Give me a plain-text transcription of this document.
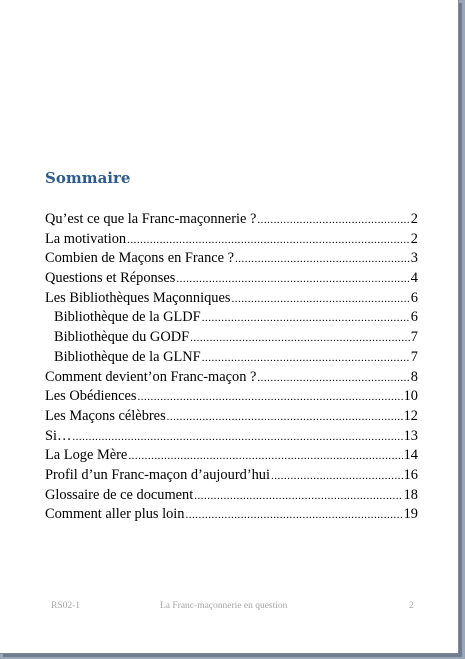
Sommaire
Qu’est ce que la Franc-maçonnerie ? .....	2
La motivation .....	2
Combien de Maçons en France ? .....	3
Questions et Réponses .....	4
Les Bibliothèques Maçonniques .....	6
Bibliothèque de la GLDF .....	6
Bibliothèque du GODF .....	7
Bibliothèque de la GLNF .....	7
Comment devient’on Franc-maçon ? .....	8
Les Obédiences .....	10
Les Maçons célèbres .....	12
Si… .....	13
La Loge Mère .....	14
Profil d’un Franc-maçon d’aujourd’hui .....	16
Glossaire de ce document .....	18
Comment aller plus loin .....	19
RS02-1	La Franc-maçonnerie en question	2
